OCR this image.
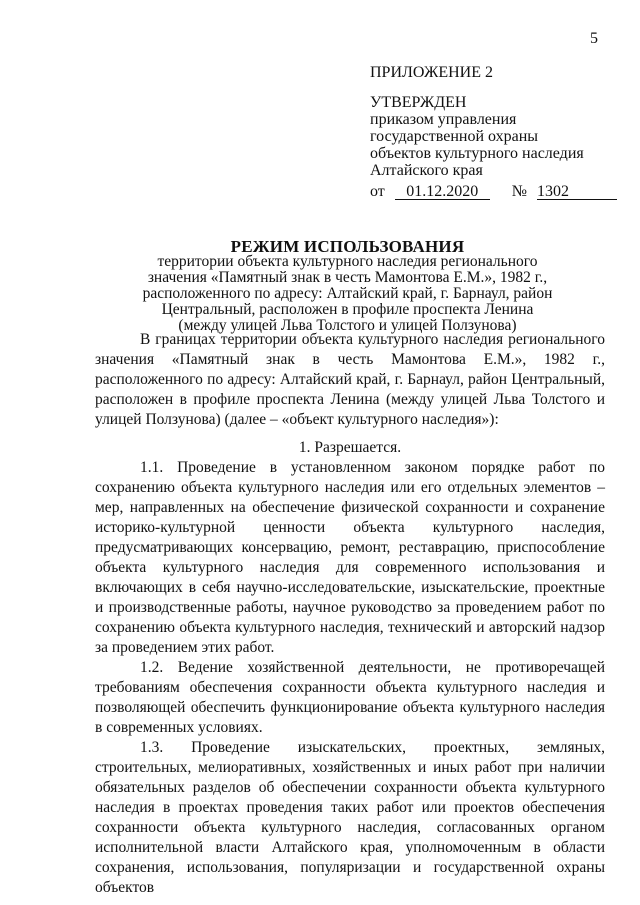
5
ПРИЛОЖЕНИЕ 2
УТВЕРЖДЕН
приказом управления
государственной охраны
объектов культурного наследия
Алтайского края
от	01.12.2020	№ 1302
РЕЖИМ ИСПОЛЬЗОВАНИЯ
территории объекта культурного наследия регионального
значения «Памятный знак в честь Мамонтова Е.М.», 1982 г.,
расположенного по адресу: Алтайский край, г. Барнаул, район
Центральный, расположен в профиле проспекта Ленина
(между улицей Льва Толстого и улицей Ползунова)

В границах территории объекта культурного наследия регионального значения «Памятный знак в честь Мамонтова Е.М.», 1982 г., расположенного по адресу: Алтайский край, г. Барнаул, район Центральный, расположен в профиле проспекта Ленина (между улицей Льва Толстого и улицей Ползунова) (далее – «объект культурного наследия»):

1. Разрешается.

1.1. Проведение в установленном законом порядке работ по сохранению объекта культурного наследия или его отдельных элементов – мер, направленных на обеспечение физической сохранности и сохранение историко-культурной ценности объекта культурного наследия, предусматривающих консервацию, ремонт, реставрацию, приспособление объекта культурного наследия для современного использования и включающих в себя научно-исследовательские, изыскательские, проектные и производственные работы, научное руководство за проведением работ по сохранению объекта культурного наследия, технический и авторский надзор за проведением этих работ.

1.2. Ведение хозяйственной деятельности, не противоречащей требованиям обеспечения сохранности объекта культурного наследия и позволяющей обеспечить функционирование объекта культурного наследия в современных условиях.

1.3. Проведение изыскательских, проектных, земляных, строительных, мелиоративных, хозяйственных и иных работ при наличии обязательных разделов об обеспечении сохранности объекта культурного наследия в проектах проведения таких работ или проектов обеспечения сохранности объекта культурного наследия, согласованных органом исполнительной власти Алтайского края, уполномоченным в области сохранения, использования, популяризации и государственной охраны объектов
